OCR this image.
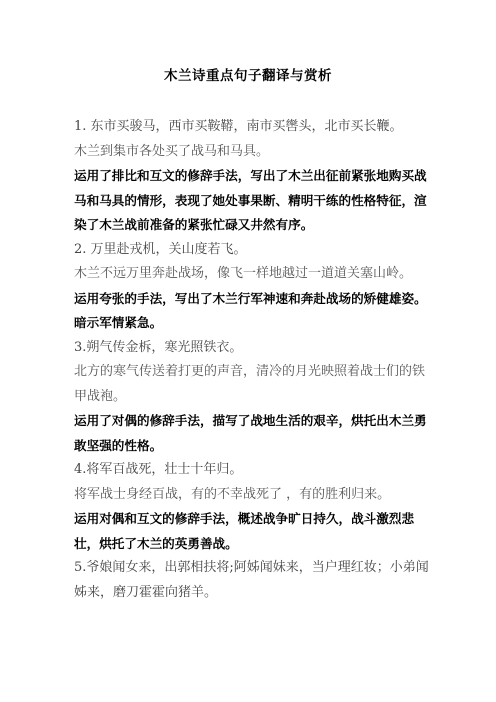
木兰诗重点句子翻译与赏析

1. 东市买骏马，西市买鞍鞯，南市买辔头，北市买长鞭。

木兰到集市各处买了战马和马具。

运用了排比和互文的修辞手法，写出了木兰出征前紧张地购买战马和马具的情形，表现了她处事果断、精明干练的性格特征，渲染了木兰战前准备的紧张忙碌又井然有序。

2. 万里赴戎机，关山度若飞。

木兰不远万里奔赴战场，像飞一样地越过一道道关塞山岭。

运用夸张的手法，写出了木兰行军神速和奔赴战场的矫健雄姿。暗示军情紧急。

3.朔气传金柝，寒光照铁衣。

北方的寒气传送着打更的声音，清冷的月光映照着战士们的铁甲战袍。

运用了对偶的修辞手法，描写了战地生活的艰辛，烘托出木兰勇敢坚强的性格。

4.将军百战死，壮士十年归。

将军战士身经百战，有的不幸战死了 ，有的胜利归来。

运用对偶和互文的修辞手法，概述战争旷日持久，战斗激烈悲壮，烘托了木兰的英勇善战。

5.爷娘闻女来，出郭相扶将;阿姊闻妹来，当户理红妆；小弟闻姊来，磨刀霍霍向猪羊。
